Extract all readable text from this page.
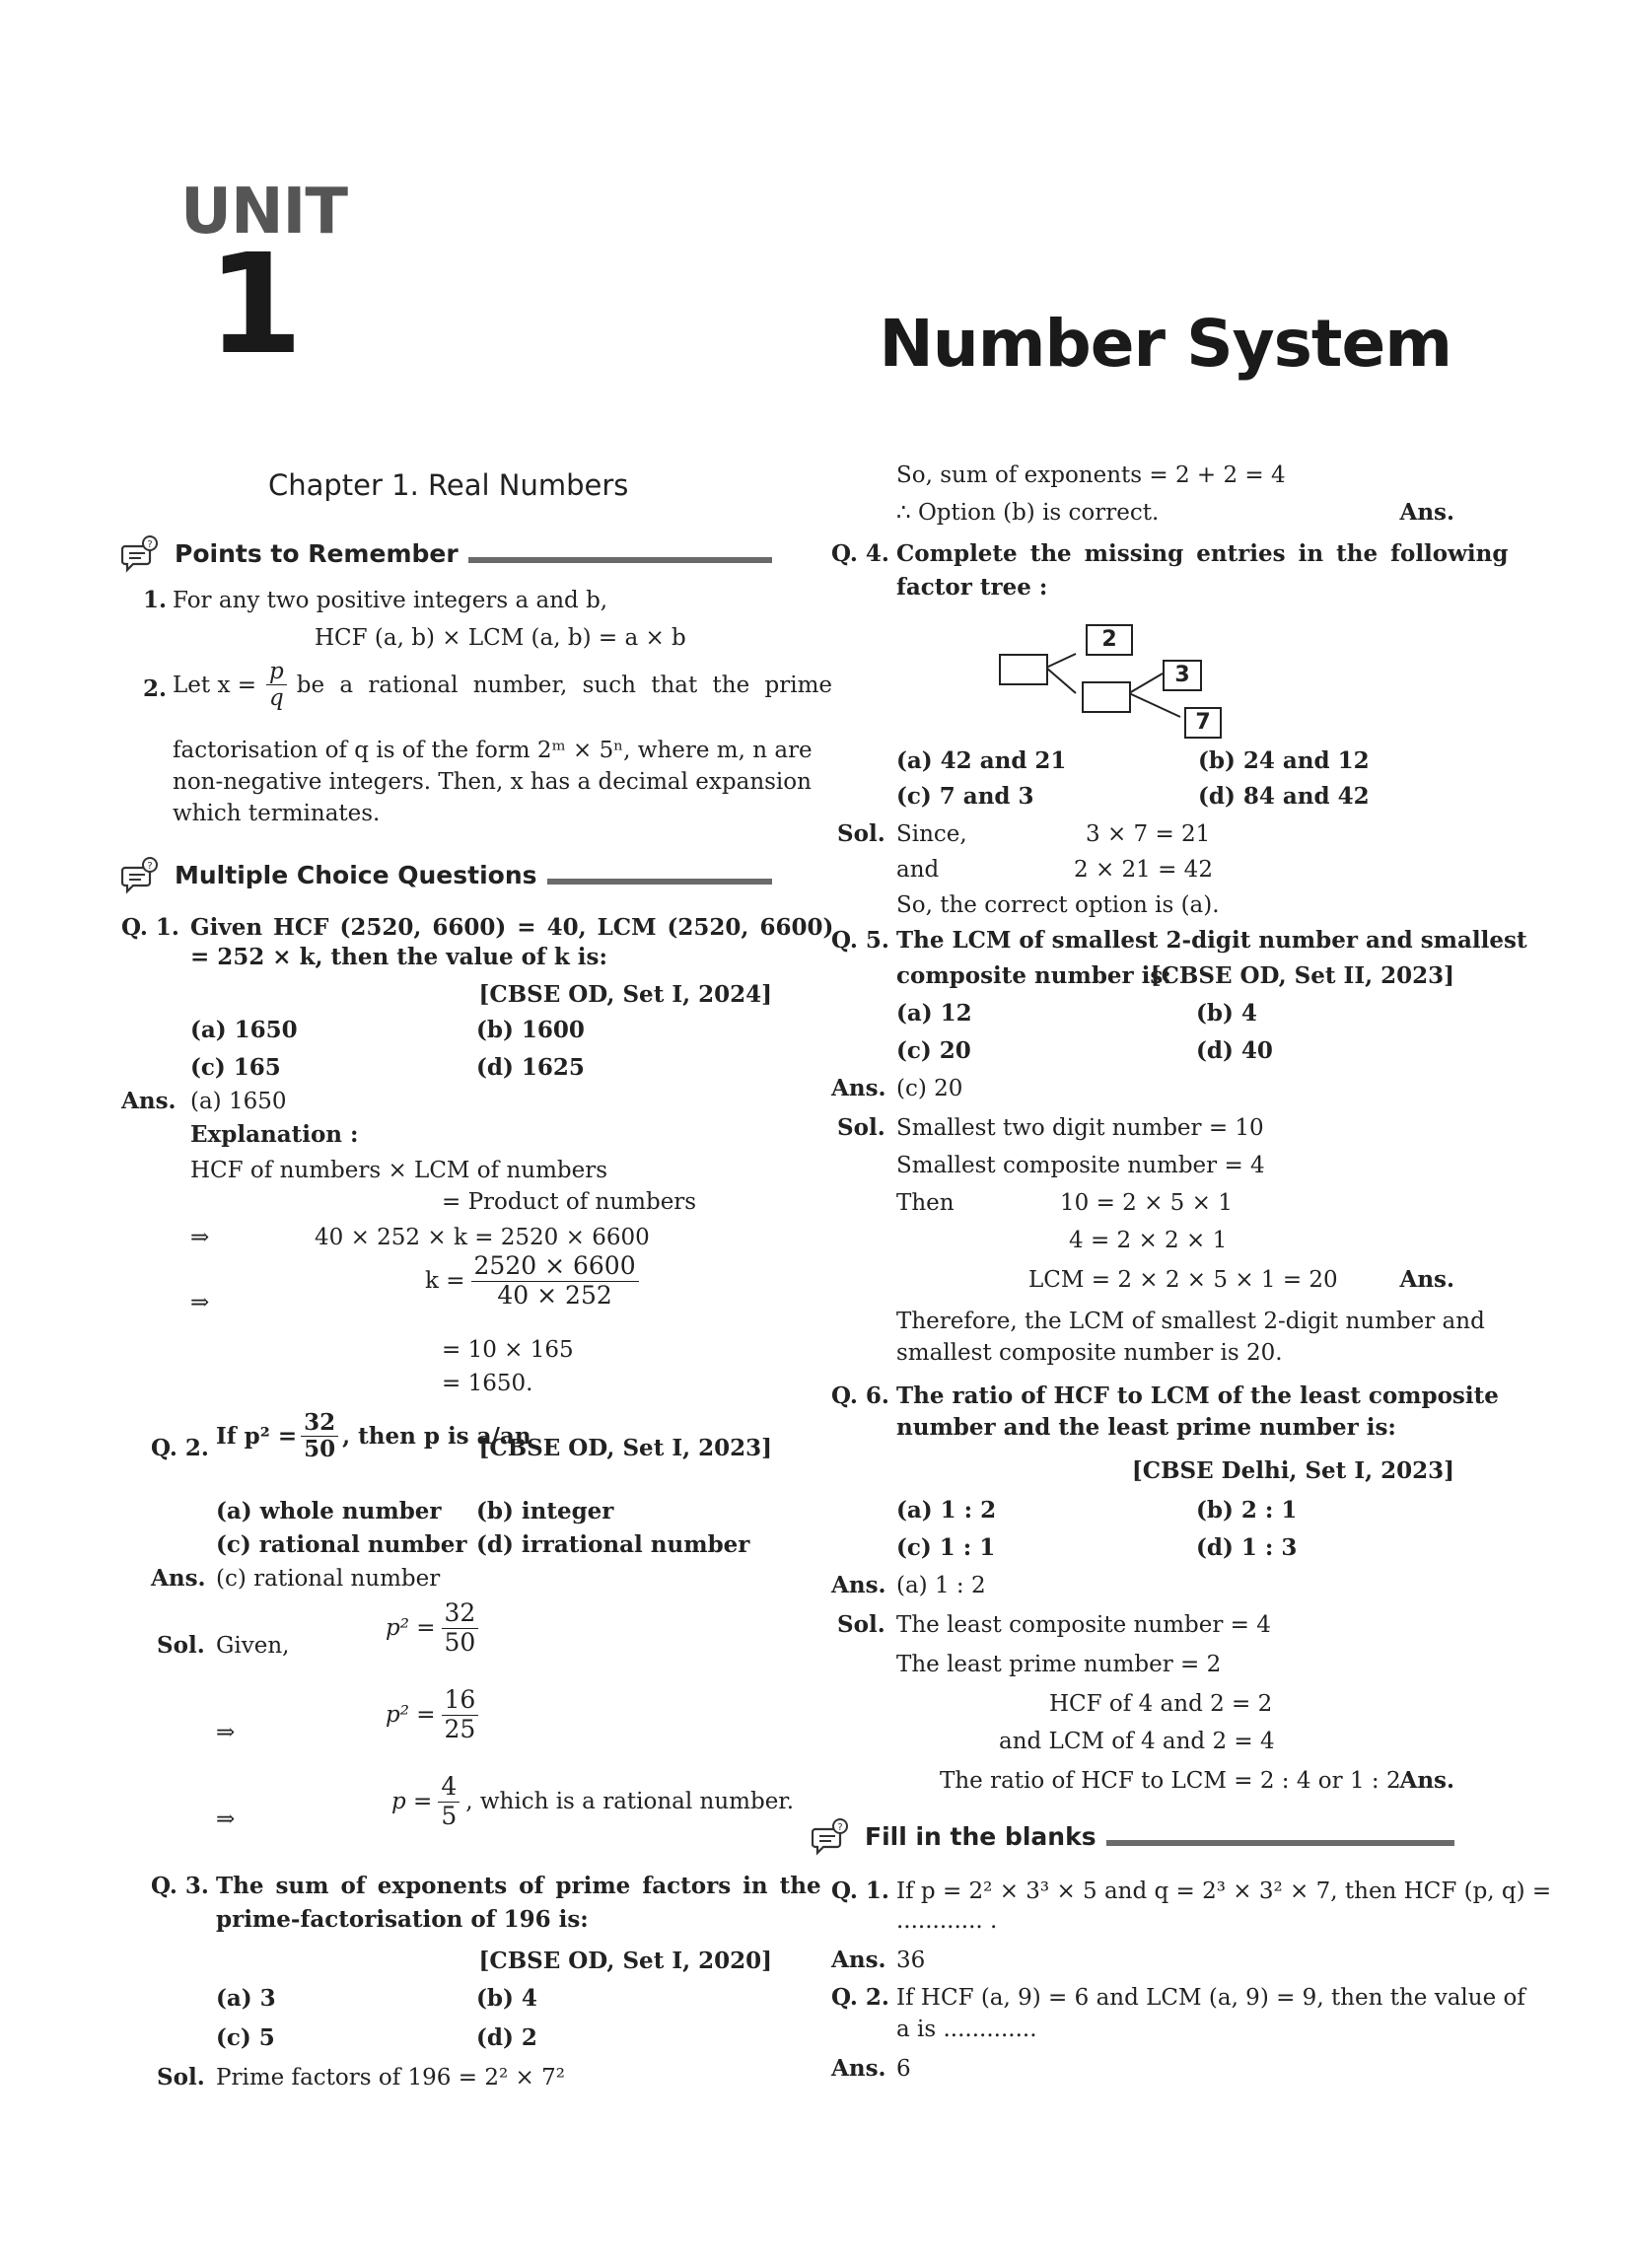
UNIT
1	Number System
Chapter 1. Real Numbers
? Points to Remember
1. For any two positive integers a and b,
HCF (a, b) × LCM (a, b) = a × b
2. Let $x = \frac{p}{q}$ be a rational number, such that the prime
factorisation of q is of the form 2ᵐ × 5ⁿ, where m, n are
non-negative integers. Then, x has a decimal expansion
which terminates.
? Multiple Choice Questions
Q. 1. Given HCF (2520, 6600) = 40, LCM (2520, 6600)
= 252 × k, then the value of k is:
[CBSE OD, Set I, 2024]
(a) 1650	(b) 1600
(c) 165	(d) 1625
Ans. (a) 1650
Explanation :
HCF of numbers × LCM of numbers
= Product of numbers
⇒	40 × 252 × k = 2520 × 6600
⇒
$k = \frac{2520 \times 6600}{40 \times 252}$
= 10 × 165
= 1650.
Q. 2. If $p^2 = \frac{32}{50}$ , then p is a/an
[CBSE OD, Set I, 2023]
(a) whole number (b) integer
(c) rational number (d) irrational number
Ans. (c) rational number
Sol. Given,
$p^2 = \frac{32}{50}$
⇒
$p^2 = \frac{16}{25}$
⇒
$p = \frac{4}{5}$ , which is a rational number.
Q. 3. The sum of exponents of prime factors in the
prime-factorisation of 196 is:
[CBSE OD, Set I, 2020]
(a) 3	(b) 4
(c) 5	(d) 2
Sol. Prime factors of 196 = 2² × 7²
So, sum of exponents = 2 + 2 = 4
∴ Option (b) is correct.	Ans.
Q. 4. Complete the missing entries in the following
factor tree :
2
3
7
(a) 42 and 21	(b) 24 and 12
(c) 7 and 3	(d) 84 and 42
Sol. Since,	3 × 7 = 21
and	2 × 21 = 42
So, the correct option is (a).
Q. 5. The LCM of smallest 2-digit number and smallest
composite number is:
[CBSE OD, Set II, 2023]
(a) 12	(b) 4
(c) 20	(d) 40
Ans. (c) 20
Sol. Smallest two digit number = 10
Smallest composite number = 4
Then	10 = 2 × 5 × 1
4 = 2 × 2 × 1
LCM = 2 × 2 × 5 × 1 = 20	Ans.
Therefore, the LCM of smallest 2-digit number and
smallest composite number is 20.
Q. 6. The ratio of HCF to LCM of the least composite
number and the least prime number is:
[CBSE Delhi, Set I, 2023]
(a) 1 : 2	(b) 2 : 1
(c) 1 : 1	(d) 1 : 3
Ans. (a) 1 : 2
Sol. The least composite number = 4
The least prime number = 2
HCF of 4 and 2 = 2
and LCM of 4 and 2 = 4
The ratio of HCF to LCM = 2 : 4 or 1 : 2
Ans.
? Fill in the blanks
Q. 1. If p = 2² × 3³ × 5 and q = 2³ × 3² × 7, then HCF (p, q) =
............ .
Ans. 36
Q. 2. If HCF (a, 9) = 6 and LCM (a, 9) = 9, then the value of
a is .............
Ans. 6
